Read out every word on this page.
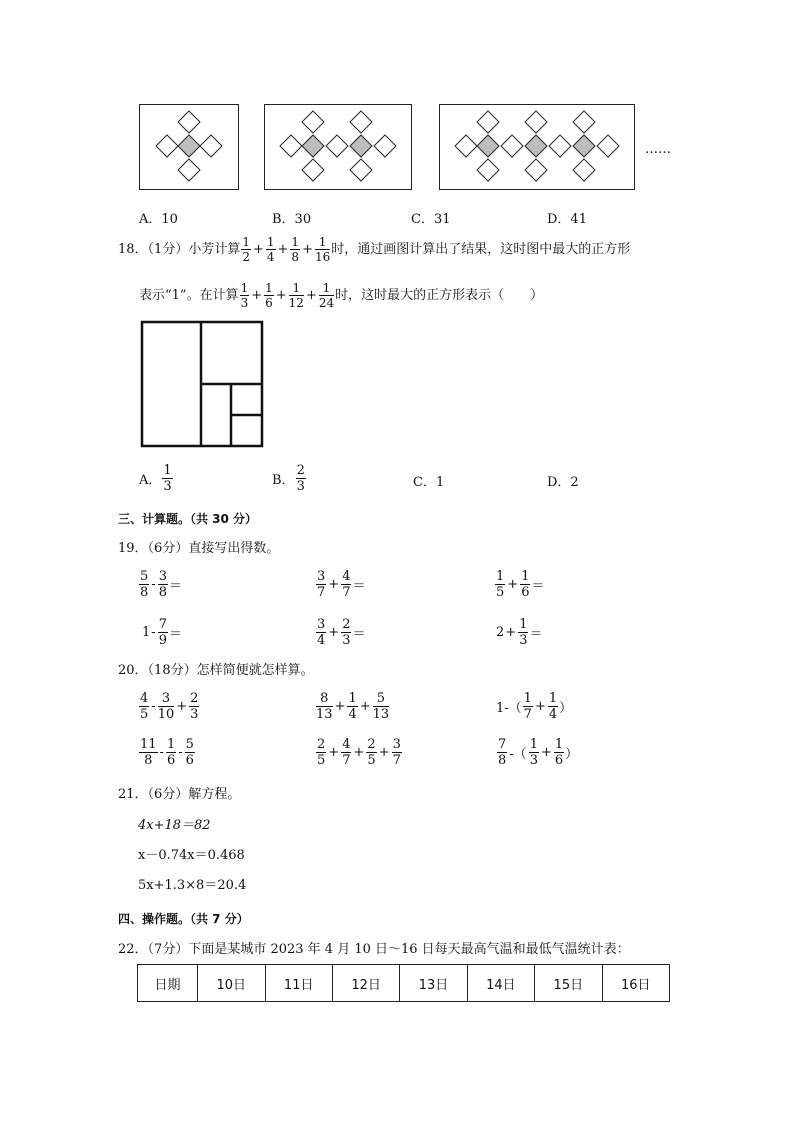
……
A．10	B．30	C．31	D．41
18．（1分）小芳计算 $\frac{1}{2} + \frac{1}{4} + \frac{1}{8} + \frac{1}{16}$ 时，通过画图计算出了结果，这时图中最大的正方形
表示“1”。在计算 $\frac{1}{3} + \frac{1}{6} + \frac{1}{12} + \frac{1}{24}$ 时，这时最大的正方形表示（　　）
A． $\frac{1}{3}$	B． $\frac{2}{3}$	C．1	D．2
三、计算题。（共 30 分）
19．（6分）直接写出得数。
$\frac{5}{8} - \frac{3}{8}$ ＝	$\frac{3}{7} + \frac{4}{7}$ ＝	$\frac{1}{5} + \frac{1}{6}$ ＝
$1 - \frac{7}{9}$ ＝	$\frac{3}{4} + \frac{2}{3}$ ＝	$2 + \frac{1}{3}$ ＝
20．（18分）怎样简便就怎样算。
$\frac{4}{5} - \frac{3}{10} + \frac{2}{3}$	$\frac{8}{13} + \frac{1}{4} + \frac{5}{13}$	$1-( \frac{1}{7} + \frac{1}{4}$ ）
$\frac{11}{8} - \frac{1}{6} - \frac{5}{6}$	$\frac{2}{5} + \frac{4}{7} + \frac{2}{5} + \frac{3}{7}$	$\frac{7}{8}$ -（ $\frac{1}{3} + \frac{1}{6}$ ）
21．（6分）解方程。
4x+18＝82
x－0.74x＝0.468
5x+1.3×8＝20.4
四、操作题。（共 7 分）
22．（7分）下面是某城市 2023 年 4 月 10 日～16 日每天最高气温和最低气温统计表：
日期	10日	11日	12日	13日	14日	15日	16日
